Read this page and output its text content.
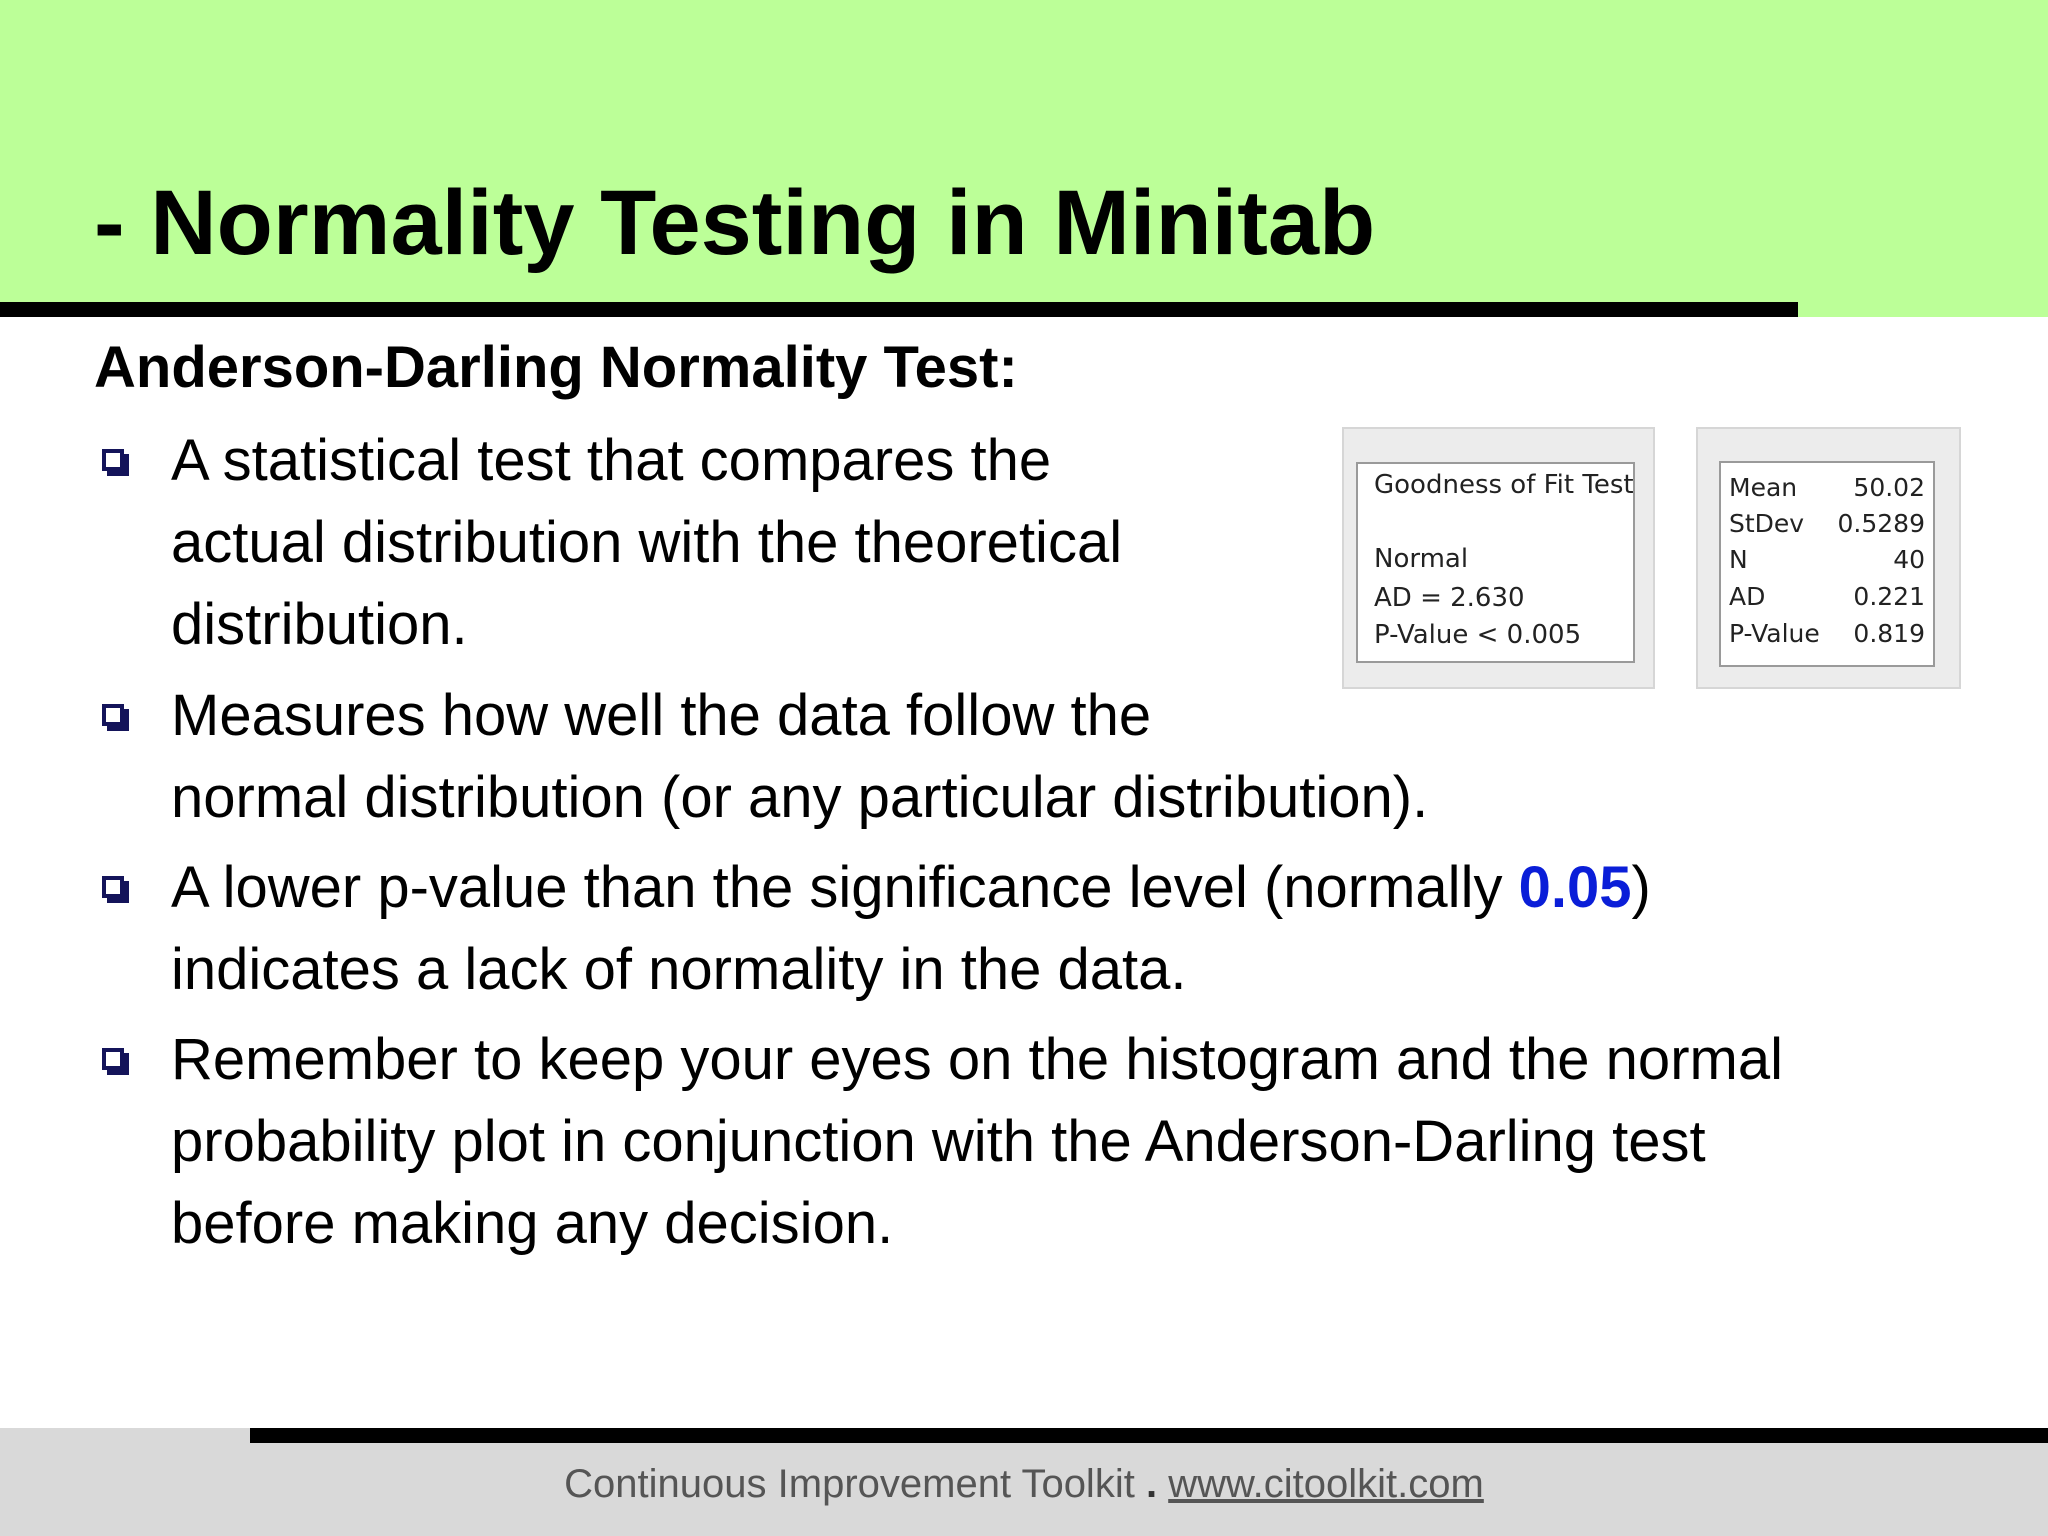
- Normality Testing in Minitab
Anderson-Darling Normality Test:
A statistical test that compares the
actual distribution with the theoretical
distribution.
Measures how well the data follow the
normal distribution (or any particular distribution).
A lower p-value than the significance level (normally 0.05)
indicates a lack of normality in the data.
Remember to keep your eyes on the histogram and the normal
probability plot in conjunction with the Anderson-Darling test
before making any decision.
Goodness of Fit Test
Normal
AD = 2.630
P-Value < 0.005
Mean 50.02
StDev 0.5289
N	40
AD	0.221
P-Value 0.819
Continuous Improvement Toolkit . www.citoolkit.com
